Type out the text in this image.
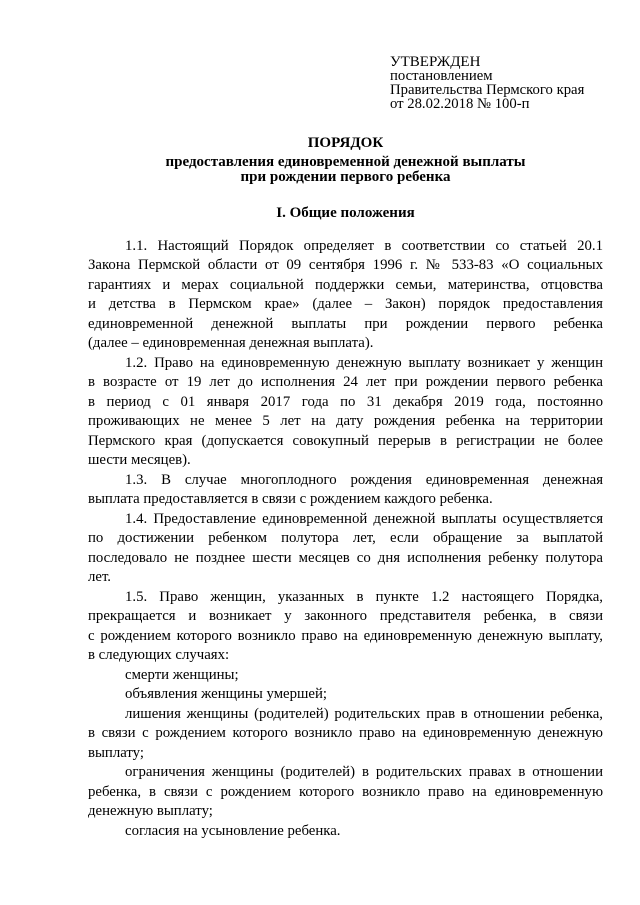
УТВЕРЖДЕН
постановлением
Правительства Пермского края
от 28.02.2018 № 100-п
ПОРЯДОК
предоставления единовременной денежной выплаты
при рождении первого ребенка
I. Общие положения
1.1. Настоящий Порядок определяет в соответствии со статьей 20.1
Закона Пермской области от 09 сентября 1996 г. № 533-83 «О социальных
гарантиях и мерах социальной поддержки семьи, материнства, отцовства
и детства в Пермском крае» (далее – Закон) порядок предоставления
единовременной денежной выплаты при рождении первого ребенка
(далее – единовременная денежная выплата).
1.2. Право на единовременную денежную выплату возникает у женщин
в возрасте от 19 лет до исполнения 24 лет при рождении первого ребенка
в период с 01 января 2017 года по 31 декабря 2019 года, постоянно
проживающих не менее 5 лет на дату рождения ребенка на территории
Пермского края (допускается совокупный перерыв в регистрации не более
шести месяцев).
1.3. В случае многоплодного рождения единовременная денежная
выплата предоставляется в связи с рождением каждого ребенка.
1.4. Предоставление единовременной денежной выплаты осуществляется
по достижении ребенком полутора лет, если обращение за выплатой
последовало не позднее шести месяцев со дня исполнения ребенку полутора
лет.
1.5. Право женщин, указанных в пункте 1.2 настоящего Порядка,
прекращается и возникает у законного представителя ребенка, в связи
с рождением которого возникло право на единовременную денежную выплату,
в следующих случаях:
смерти женщины;
объявления женщины умершей;
лишения женщины (родителей) родительских прав в отношении ребенка,
в связи с рождением которого возникло право на единовременную денежную
выплату;
ограничения женщины (родителей) в родительских правах в отношении
ребенка, в связи с рождением которого возникло право на единовременную
денежную выплату;
согласия на усыновление ребенка.
